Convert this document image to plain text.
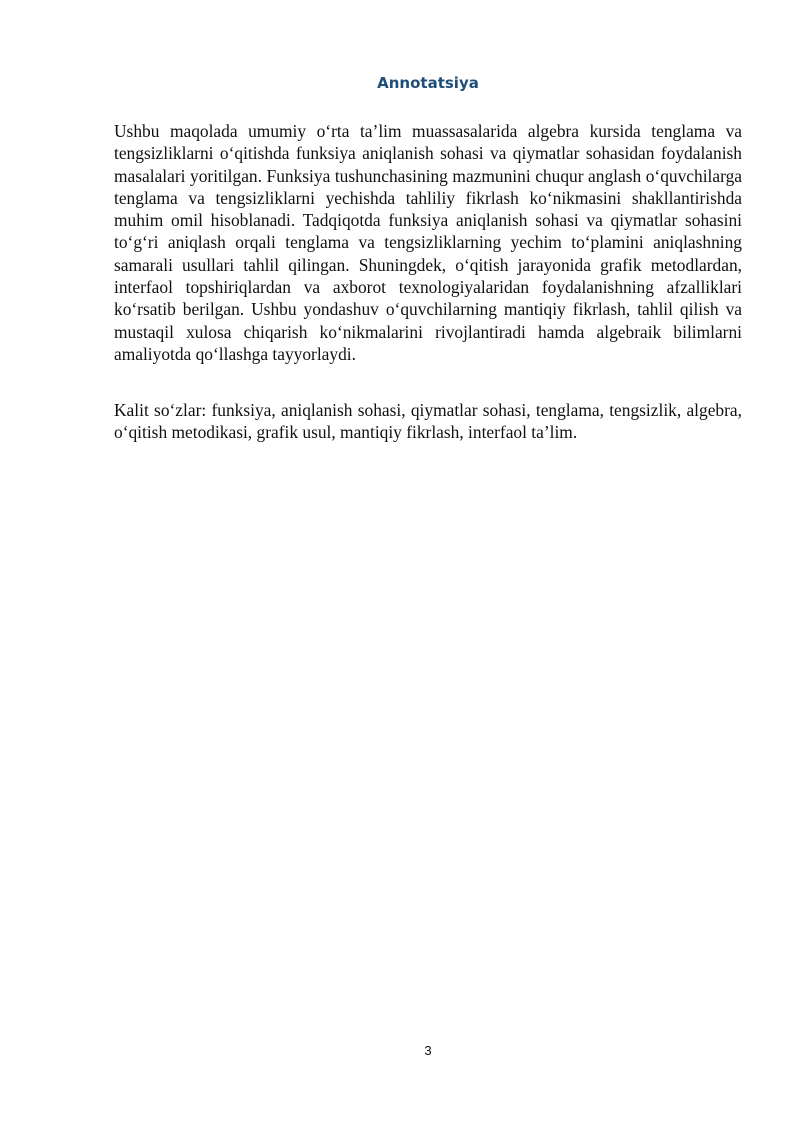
Annotatsiya

Ushbu maqolada umumiy o‘rta ta’lim muassasalarida algebra kursida tenglama va tengsizliklarni o‘qitishda funksiya aniqlanish sohasi va qiymatlar sohasidan foydalanish masalalari yoritilgan. Funksiya tushunchasining mazmunini chuqur anglash o‘quvchilarga tenglama va tengsizliklarni yechishda tahliliy fikrlash ko‘nikmasini shakllantirishda muhim omil hisoblanadi. Tadqiqotda funksiya aniqlanish sohasi va qiymatlar sohasini to‘g‘ri aniqlash orqali tenglama va tengsizliklarning yechim to‘plamini aniqlashning samarali usullari tahlil qilingan. Shuningdek, o‘qitish jarayonida grafik metodlardan, interfaol topshiriqlardan va axborot texnologiyalaridan foydalanishning afzalliklari ko‘rsatib berilgan. Ushbu yondashuv o‘quvchilarning mantiqiy fikrlash, tahlil qilish va mustaqil xulosa chiqarish ko‘nikmalarini rivojlantiradi hamda algebraik bilimlarni amaliyotda qo‘llashga tayyorlaydi.

Kalit so‘zlar: funksiya, aniqlanish sohasi, qiymatlar sohasi, tenglama, tengsizlik, algebra, o‘qitish metodikasi, grafik usul, mantiqiy fikrlash, interfaol ta’lim.

3
